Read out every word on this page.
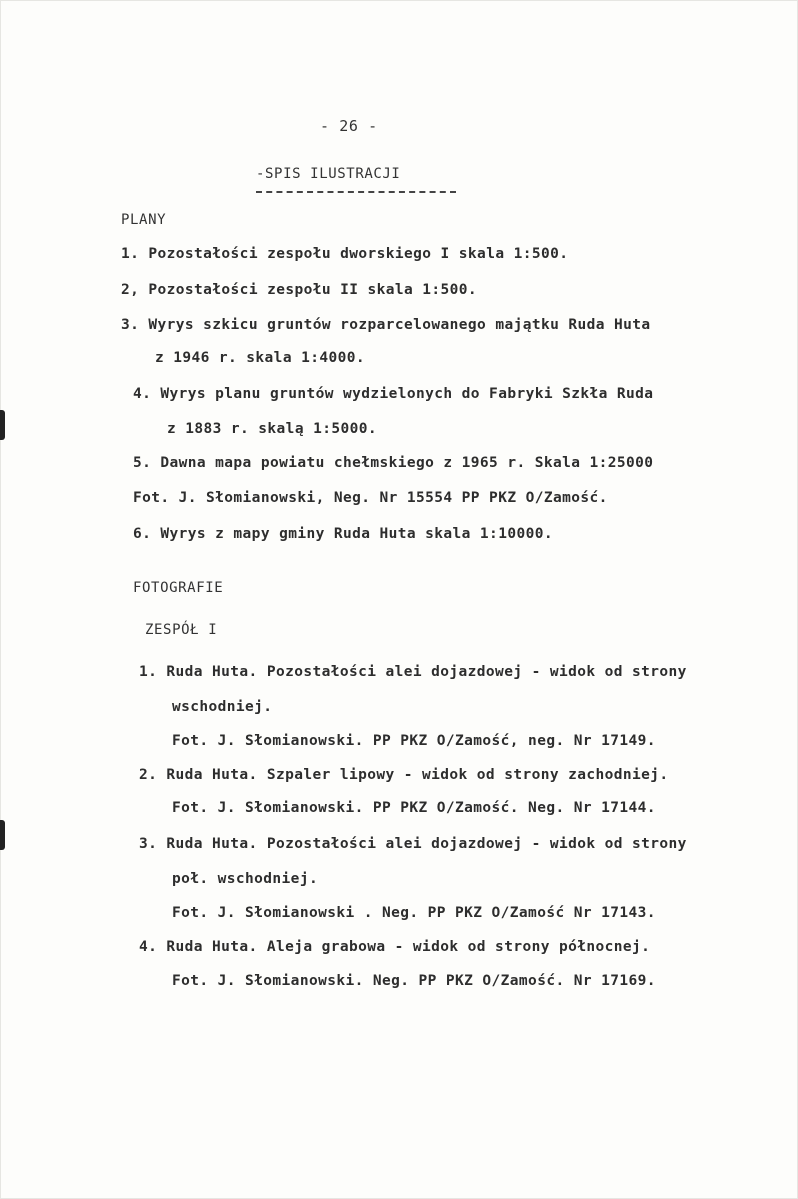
- 26 -
-SPIS ILUSTRACJI
PLANY
1. Pozostałości zespołu dworskiego I skala 1:500.
2, Pozostałości zespołu II skala 1:500.
3. Wyrys szkicu gruntów rozparcelowanego majątku Ruda Huta
z 1946 r. skala 1:4000.
4. Wyrys planu gruntów wydzielonych do Fabryki Szkła Ruda
z 1883 r. skalą 1:5000.
5. Dawna mapa powiatu chełmskiego z 1965 r. Skala 1:25000
Fot. J. Słomianowski, Neg. Nr 15554 PP PKZ O/Zamość.
6. Wyrys z mapy gminy Ruda Huta skala 1:10000.
FOTOGRAFIE
ZESPÓŁ I
1. Ruda Huta. Pozostałości alei dojazdowej - widok od strony
wschodniej.
Fot. J. Słomianowski. PP PKZ O/Zamość, neg. Nr 17149.
2. Ruda Huta. Szpaler lipowy - widok od strony zachodniej.
Fot. J. Słomianowski. PP PKZ O/Zamość. Neg. Nr 17144.
3. Ruda Huta. Pozostałości alei dojazdowej - widok od strony
poł. wschodniej.
Fot. J. Słomianowski . Neg. PP PKZ O/Zamość Nr 17143.
4. Ruda Huta. Aleja grabowa - widok od strony północnej.
Fot. J. Słomianowski. Neg. PP PKZ O/Zamość. Nr 17169.
